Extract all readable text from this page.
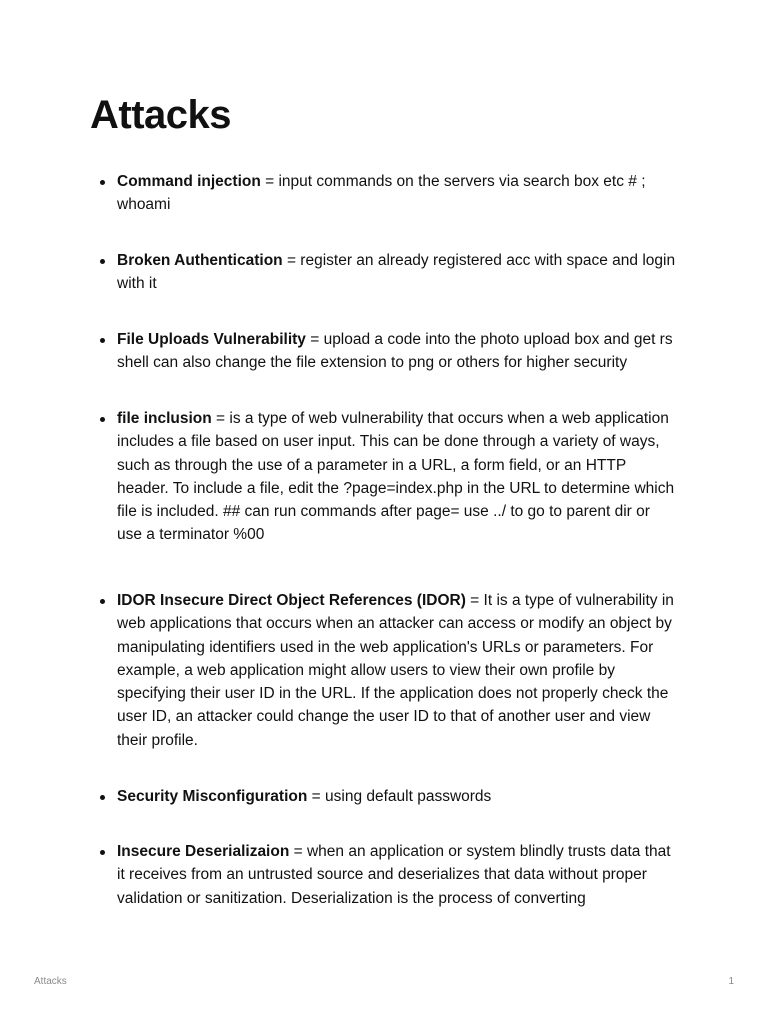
Attacks
Command injection = input commands on the servers via search box etc # ; whoami
Broken Authentication = register an already registered acc with space and login with it
File Uploads Vulnerability = upload a code into the photo upload box and get rs shell can also change the file extension to png or others for higher security
file inclusion = is a type of web vulnerability that occurs when a web application includes a file based on user input. This can be done through a variety of ways, such as through the use of a parameter in a URL, a form field, or an HTTP header. To include a file, edit the ?page=index.php in the URL to determine which file is included. ## can run commands after page= use ../ to go to parent dir or use a terminator %00
IDOR Insecure Direct Object References (IDOR) = It is a type of vulnerability in web applications that occurs when an attacker can access or modify an object by manipulating identifiers used in the web application's URLs or parameters. For example, a web application might allow users to view their own profile by specifying their user ID in the URL. If the application does not properly check the user ID, an attacker could change the user ID to that of another user and view their profile.
Security Misconfiguration = using default passwords
Insecure Deserializaion = when an application or system blindly trusts data that it receives from an untrusted source and deserializes that data without proper validation or sanitization. Deserialization is the process of converting
Attacks	1
